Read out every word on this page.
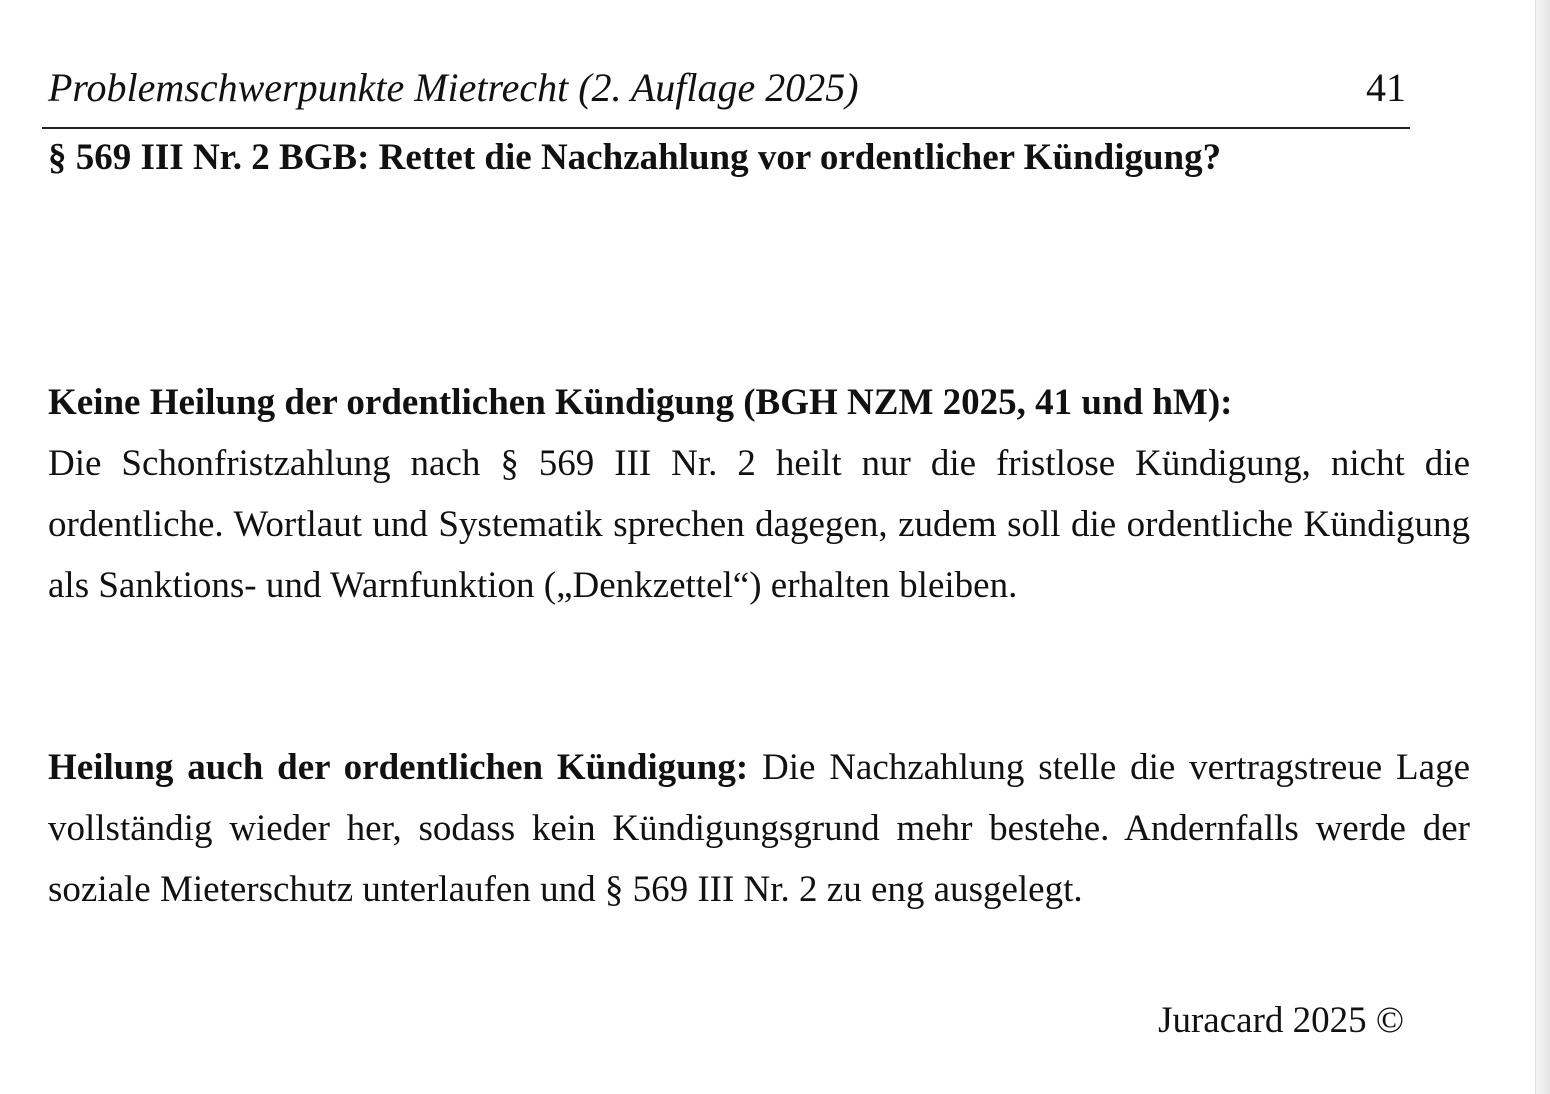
Problemschwerpunkte Mietrecht (2. Auflage 2025)	41
§ 569 III Nr. 2 BGB: Rettet die Nachzahlung vor ordentlicher Kündigung?

Keine Heilung der ordentlichen Kündigung (BGH NZM 2025, 41 und hM):
Die Schonfristzahlung nach § 569 III Nr. 2 heilt nur die fristlose Kündigung, nicht die ordentliche. Wortlaut und Systematik sprechen dagegen, zudem soll die ordentliche Kündigung als Sanktions- und Warnfunktion („Denkzettel“) erhalten bleiben.

Heilung auch der ordentlichen Kündigung: Die Nachzahlung stelle die vertragstreue Lage vollständig wieder her, sodass kein Kündigungsgrund mehr bestehe. Andernfalls werde der soziale Mieterschutz unterlaufen und § 569 III Nr. 2 zu eng ausgelegt.

Juracard 2025 ©
